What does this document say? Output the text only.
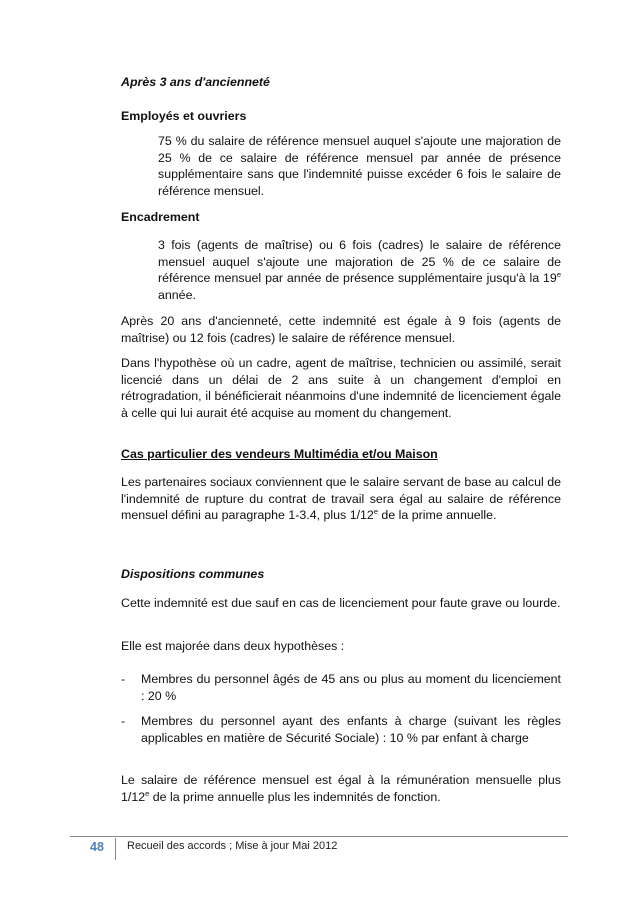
Après 3 ans d'ancienneté

Employés et ouvriers

75 % du salaire de référence mensuel auquel s'ajoute une majoration de 25 % de ce salaire de référence mensuel par année de présence supplémentaire sans que l'indemnité puisse excéder 6 fois le salaire de référence mensuel.

Encadrement

3 fois (agents de maîtrise) ou 6 fois (cadres) le salaire de référence mensuel auquel s'ajoute une majoration de 25 % de ce salaire de référence mensuel par année de présence supplémentaire jusqu'à la 19e année.

Après 20 ans d'ancienneté, cette indemnité est égale à 9 fois (agents de maîtrise) ou 12 fois (cadres) le salaire de référence mensuel.

Dans l'hypothèse où un cadre, agent de maîtrise, technicien ou assimilé, serait licencié dans un délai de 2 ans suite à un changement d'emploi en rétrogradation, il bénéficierait néanmoins d'une indemnité de licenciement égale à celle qui lui aurait été acquise au moment du changement.

Cas particulier des vendeurs Multimédia et/ou Maison

Les partenaires sociaux conviennent que le salaire servant de base au calcul de l'indemnité de rupture du contrat de travail sera égal au salaire de référence mensuel défini au paragraphe 1-3.4, plus 1/12e de la prime annuelle.

Dispositions communes

Cette indemnité est due sauf en cas de licenciement pour faute grave ou lourde.

Elle est majorée dans deux hypothèses :

- Membres du personnel âgés de 45 ans ou plus au moment du licenciement : 20 %

- Membres du personnel ayant des enfants à charge (suivant les règles applicables en matière de Sécurité Sociale) : 10 % par enfant à charge

Le salaire de référence mensuel est égal à la rémunération mensuelle plus 1/12e de la prime annuelle plus les indemnités de fonction.

48 Recueil des accords ; Mise à jour Mai 2012
